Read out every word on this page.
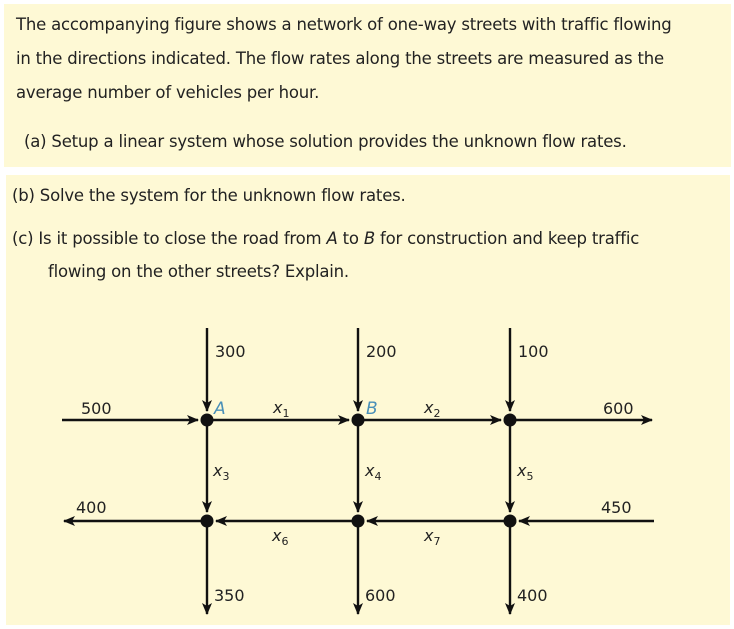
The accompanying figure shows a network of one-way streets with traffic flowing
in the directions indicated. The flow rates along the streets are measured as the
average number of vehicles per hour.
(a) Setup a linear system whose solution provides the unknown flow rates.
(b) Solve the system for the unknown flow rates.
(c) Is it possible to close the road from A to B for construction and keep traffic
flowing on the other streets? Explain.
A	B
300	200	100
500	600
400	450
350	600	400
$x_1$	$x_2$
$x_3$	$x_4$	$x_5$
$x_6$	$x_7$
